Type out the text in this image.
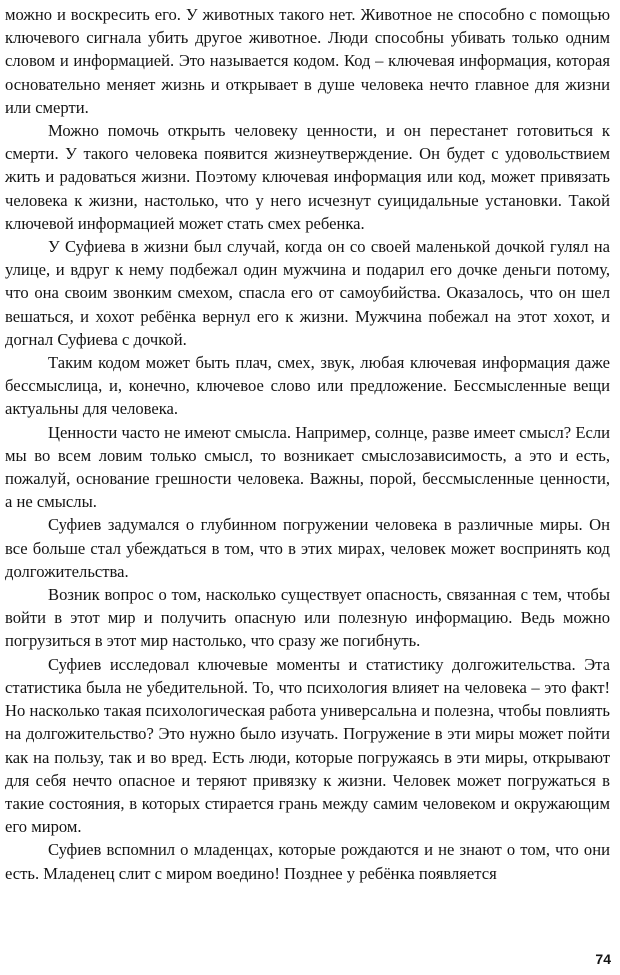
можно и воскресить его. У животных такого нет. Животное не способно с помощью ключевого сигнала убить другое животное. Люди способны убивать только одним словом и информацией. Это называется кодом. Код – ключевая информация, которая основательно меняет жизнь и открывает в душе человека нечто главное для жизни или смерти.

Можно помочь открыть человеку ценности, и он перестанет готовиться к смерти. У такого человека появится жизнеутверждение. Он будет с удовольствием жить и радоваться жизни. Поэтому ключевая информация или код, может привязать человека к жизни, настолько, что у него исчезнут суицидальные установки. Такой ключевой информацией может стать смех ребенка.

У Суфиева в жизни был случай, когда он со своей маленькой дочкой гулял на улице, и вдруг к нему подбежал один мужчина и подарил его дочке деньги потому, что она своим звонким смехом, спасла его от самоубийства. Оказалось, что он шел вешаться, и хохот ребёнка вернул его к жизни. Мужчина побежал на этот хохот, и догнал Суфиева с дочкой.

Таким кодом может быть плач, смех, звук, любая ключевая информация даже бессмыслица, и, конечно, ключевое слово или предложение. Бессмысленные вещи актуальны для человека.

Ценности часто не имеют смысла. Например, солнце, разве имеет смысл? Если мы во всем ловим только смысл, то возникает смыслозависимость, а это и есть, пожалуй, основание грешности человека. Важны, порой, бессмысленные ценности, а не смыслы.

Суфиев задумался о глубинном погружении человека в различные миры. Он все больше стал убеждаться в том, что в этих мирах, человек может воспринять код долгожительства.

Возник вопрос о том, насколько существует опасность, связанная с тем, чтобы войти в этот мир и получить опасную или полезную информацию. Ведь можно погрузиться в этот мир настолько, что сразу же погибнуть.

Суфиев исследовал ключевые моменты и статистику долгожительства. Эта статистика была не убедительной. То, что психология влияет на человека – это факт! Но насколько такая психологическая работа универсальна и полезна, чтобы повлиять на долгожительство? Это нужно было изучать. Погружение в эти миры может пойти как на пользу, так и во вред. Есть люди, которые погружаясь в эти миры, открывают для себя нечто опасное и теряют привязку к жизни. Человек может погружаться в такие состояния, в которых стирается грань между самим человеком и окружающим его миром.

Суфиев вспомнил о младенцах, которые рождаются и не знают о том, что они есть. Младенец слит с миром воедино! Позднее у ребёнка появляется

74
